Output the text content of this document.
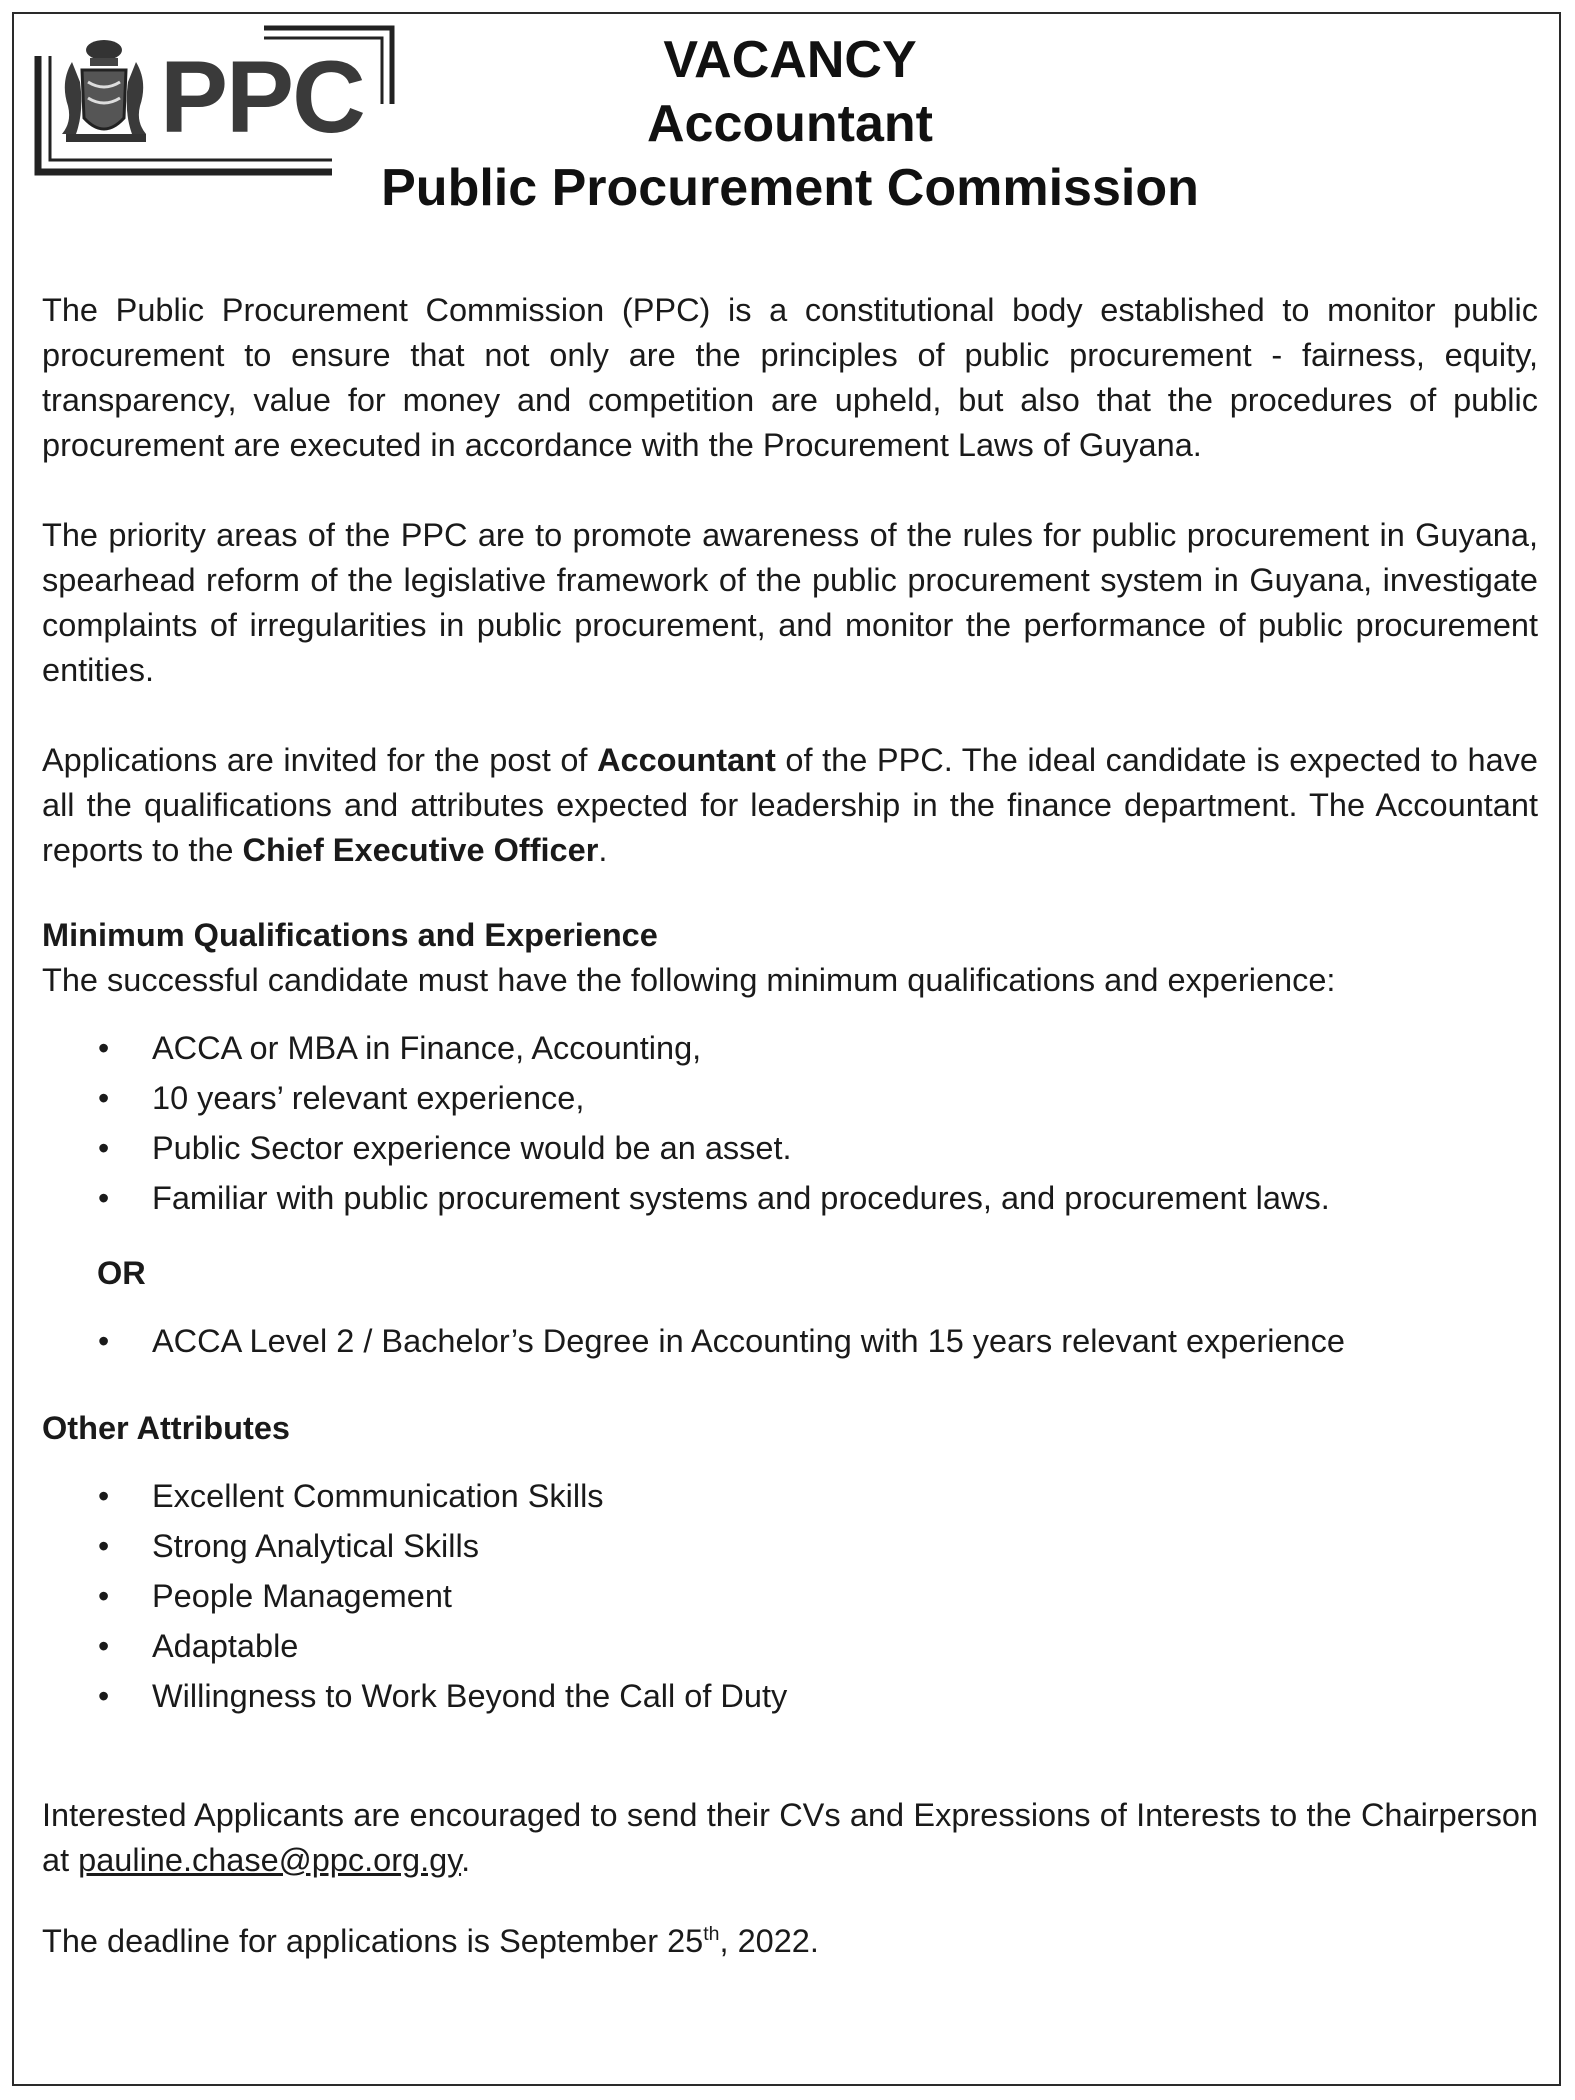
PPC	VACANCY
Accountant
Public Procurement Commission

The Public Procurement Commission (PPC) is a constitutional body established to monitor public procurement to ensure that not only are the principles of public procurement - fairness, equity, transparency, value for money and competition are upheld, but also that the procedures of public procurement are executed in accordance with the Procurement Laws of Guyana.

The priority areas of the PPC are to promote awareness of the rules for public procurement in Guyana, spearhead reform of the legislative framework of the public procurement system in Guyana, investigate complaints of irregularities in public procurement, and monitor the performance of public procurement entities.

Applications are invited for the post of Accountant of the PPC. The ideal candidate is expected to have all the qualifications and attributes expected for leadership in the finance department. The Accountant reports to the Chief Executive Officer.

Minimum Qualifications and Experience
The successful candidate must have the following minimum qualifications and experience:
• ACCA or MBA in Finance, Accounting,
• 10 years’ relevant experience,
• Public Sector experience would be an asset.
• Familiar with public procurement systems and procedures, and procurement laws.
OR
• ACCA Level 2 / Bachelor’s Degree in Accounting with 15 years relevant experience
Other Attributes
• Excellent Communication Skills
• Strong Analytical Skills
• People Management
• Adaptable
• Willingness to Work Beyond the Call of Duty

Interested Applicants are encouraged to send their CVs and Expressions of Interests to the Chairperson at pauline.chase@ppc.org.gy.

The deadline for applications is September 25th, 2022.
